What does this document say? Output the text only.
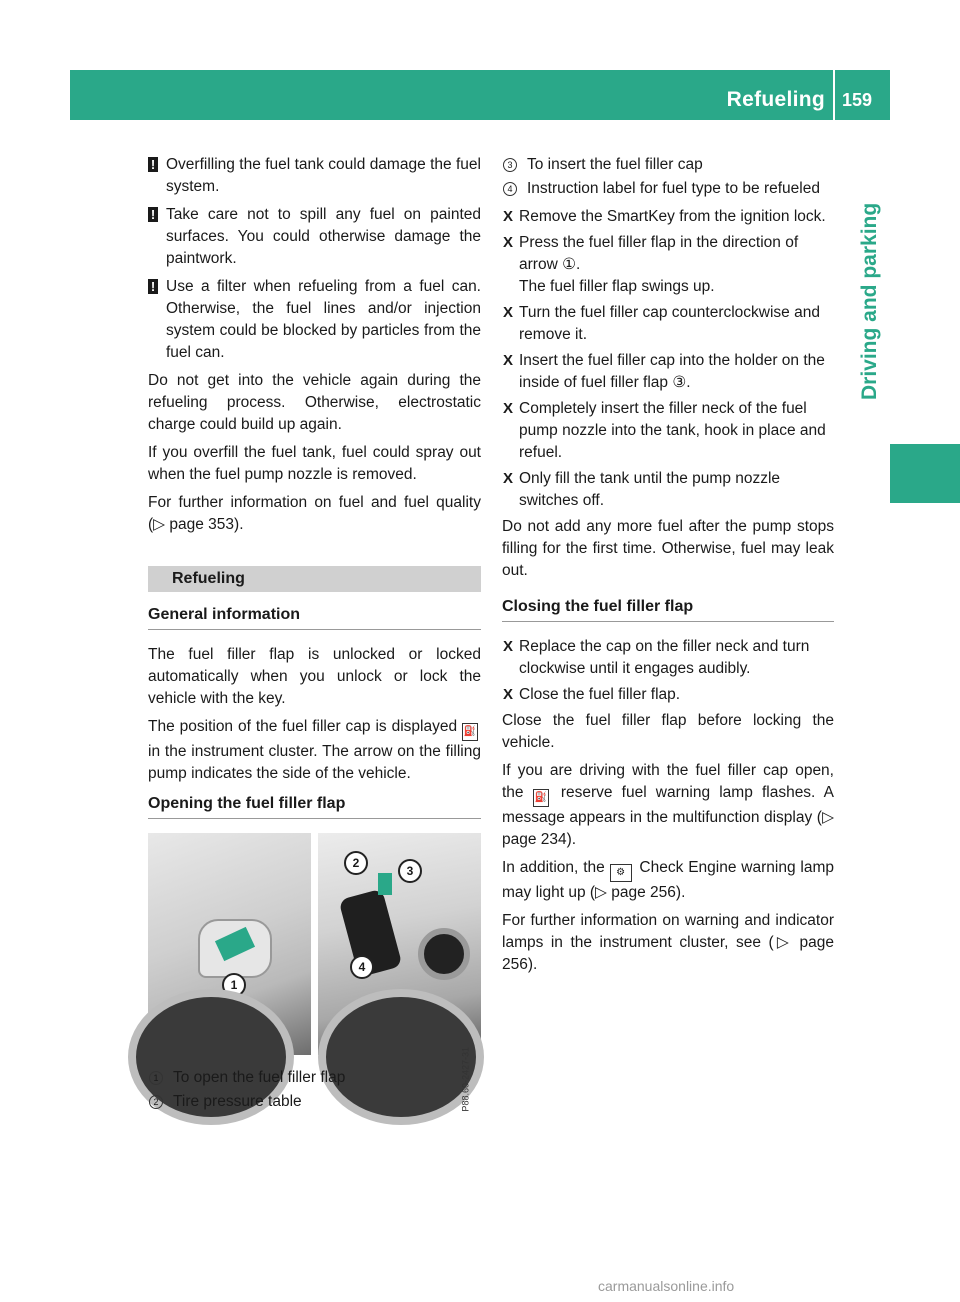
Refueling 159
Driving and parking

! Overfilling the fuel tank could damage the fuel system.

! Take care not to spill any fuel on painted surfaces. You could otherwise damage the paintwork.

! Use a filter when refueling from a fuel can. Otherwise, the fuel lines and/or injection system could be blocked by particles from the fuel can.

Do not get into the vehicle again during the refueling process. Otherwise, electrostatic charge could build up again.

If you overfill the fuel tank, fuel could spray out when the fuel pump nozzle is removed.

For further information on fuel and fuel quality (▷ page 353).

Refueling
General information

The fuel filler flap is unlocked or locked automatically when you unlock or lock the vehicle with the key.

The position of the fuel filler cap is displayed ⛽ in the instrument cluster. The arrow on the filling pump indicates the side of the vehicle.

Opening the fuel filler flap
1
2
3
4
P88.60-2427-31
1 To open the fuel filler flap
2 Tire pressure table
3 To insert the fuel filler cap
4 Instruction label for fuel type to be refueled
X Remove the SmartKey from the ignition lock.
X Press the fuel filler flap in the direction of arrow ①.
The fuel filler flap swings up.
X Turn the fuel filler cap counterclockwise and remove it.
X Insert the fuel filler cap into the holder on the inside of fuel filler flap ③.
X Completely insert the filler neck of the fuel pump nozzle into the tank, hook in place and refuel.
X Only fill the tank until the pump nozzle switches off.

Do not add any more fuel after the pump stops filling for the first time. Otherwise, fuel may leak out.

Closing the fuel filler flap
X Replace the cap on the filler neck and turn clockwise until it engages audibly.
X Close the fuel filler flap.

Close the fuel filler flap before locking the vehicle.

If you are driving with the fuel filler cap open, the ⛽ reserve fuel warning lamp flashes. A message appears in the multifunction display (▷ page 234).

In addition, the ⚙ Check Engine warning lamp may light up (▷ page 256).

For further information on warning and indicator lamps in the instrument cluster, see (▷ page 256).

carmanualsonline.info
